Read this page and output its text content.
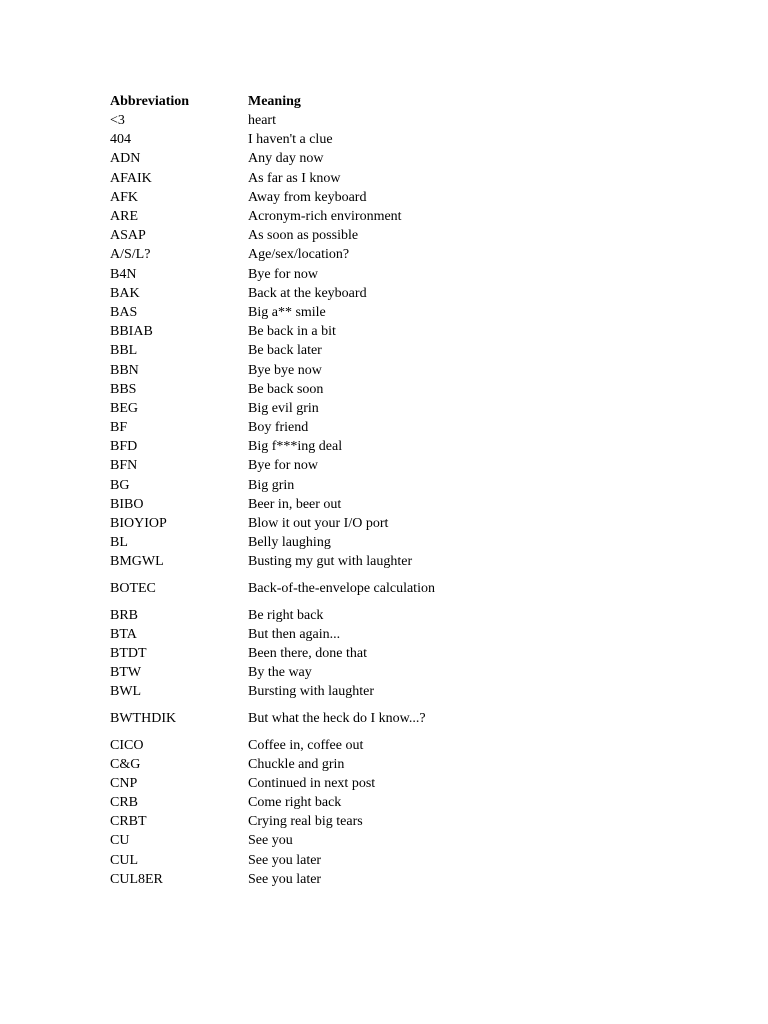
Abbreviation	Meaning
<3	heart
404	I haven't a clue
ADN	Any day now
AFAIK	As far as I know
AFK	Away from keyboard
ARE	Acronym-rich environment
ASAP	As soon as possible
A/S/L?	Age/sex/location?
B4N	Bye for now
BAK	Back at the keyboard
BAS	Big a** smile
BBIAB	Be back in a bit
BBL	Be back later
BBN	Bye bye now
BBS	Be back soon
BEG	Big evil grin
BF	Boy friend
BFD	Big f***ing deal
BFN	Bye for now
BG	Big grin
BIBO	Beer in, beer out
BIOYIOP	Blow it out your I/O port
BL	Belly laughing
BMGWL	Busting my gut with laughter
BOTEC	Back-of-the-envelope calculation
BRB	Be right back
BTA	But then again...
BTDT	Been there, done that
BTW	By the way
BWL	Bursting with laughter
BWTHDIK	But what the heck do I know...?
CICO	Coffee in, coffee out
C&G	Chuckle and grin
CNP	Continued in next post
CRB	Come right back
CRBT	Crying real big tears
CU	See you
CUL	See you later
CUL8ER	See you later
